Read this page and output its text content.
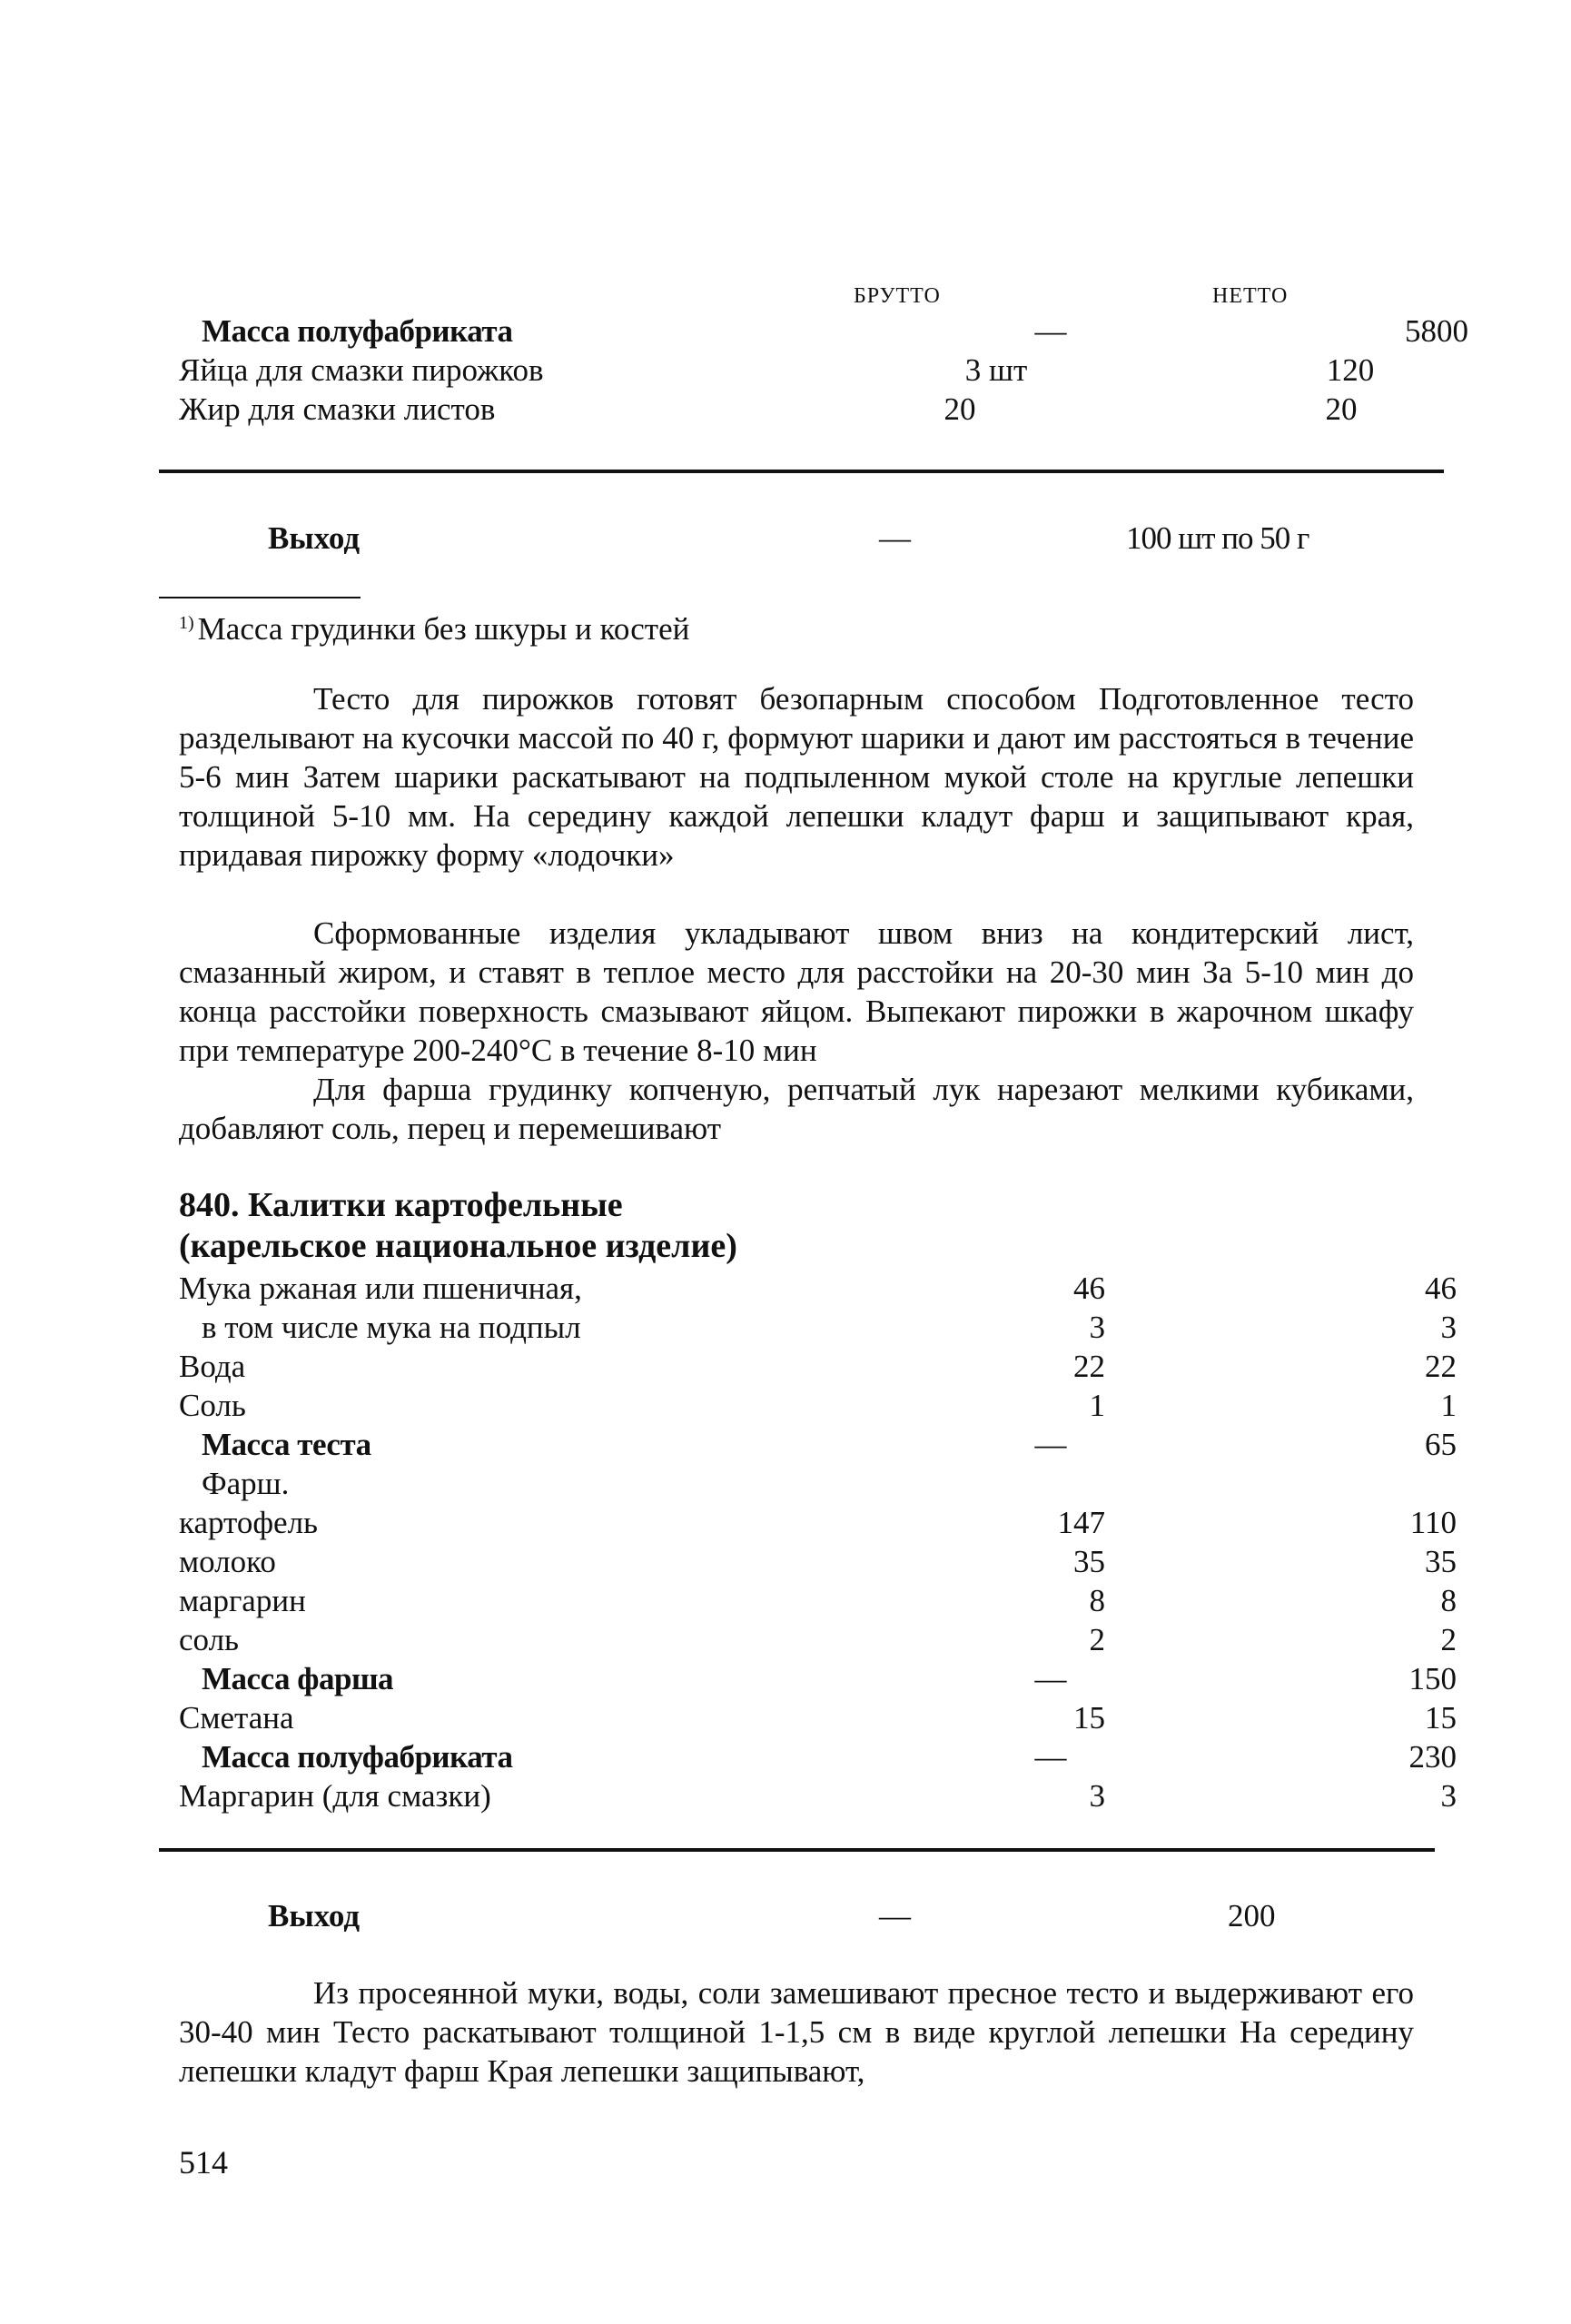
БРУТТО	НЕТТО
Масса полуфабриката	—	5800
Яйца для смазки пирожков	3 шт	120
Жир для смазки листов	20	20
Выход	—	100 шт по 50 г
$^{1)}$ Масса грудинки без шкуры и костей

Тесто для пирожков готовят безопарным способом Подготовленное тесто разделывают на кусочки массой по 40 г, формуют шарики и дают им расстояться в течение 5-6 мин Затем шарики раскатывают на подпыленном мукой столе на круглые лепешки толщиной 5-10 мм. На середину каждой лепешки кладут фарш и защипывают края, придавая пирожку форму «лодочки»

Сформованные изделия укладывают швом вниз на кондитерский лист, смазанный жиром, и ставят в теплое место для расстойки на 20-30 мин За 5-10 мин до конца расстойки поверхность смазывают яйцом. Выпекают пирожки в жарочном шкафу при температуре 200-240°С в течение 8-10 мин

Для фарша грудинку копченую, репчатый лук нарезают мелкими кубиками, добавляют соль, перец и перемешивают

840. Калитки картофельные (карельское национальное изделие)
Мука ржаная или пшеничная,	46	46
в том числе мука на подпыл	3	3
Вода	22	22
Соль	1	1
Масса теста	—	65
Фарш.
картофель	147	110
молоко	35	35
маргарин	8	8
соль	2	2
Масса фарша	—	150
Сметана	15	15
Масса полуфабриката	—	230
Маргарин (для смазки)	3	3
Выход	—	200

Из просеянной муки, воды, соли замешивают пресное тесто и выдерживают его 30-40 мин Тесто раскатывают толщиной 1-1,5 см в виде круглой лепешки На середину лепешки кладут фарш Края лепешки защипывают,

514
